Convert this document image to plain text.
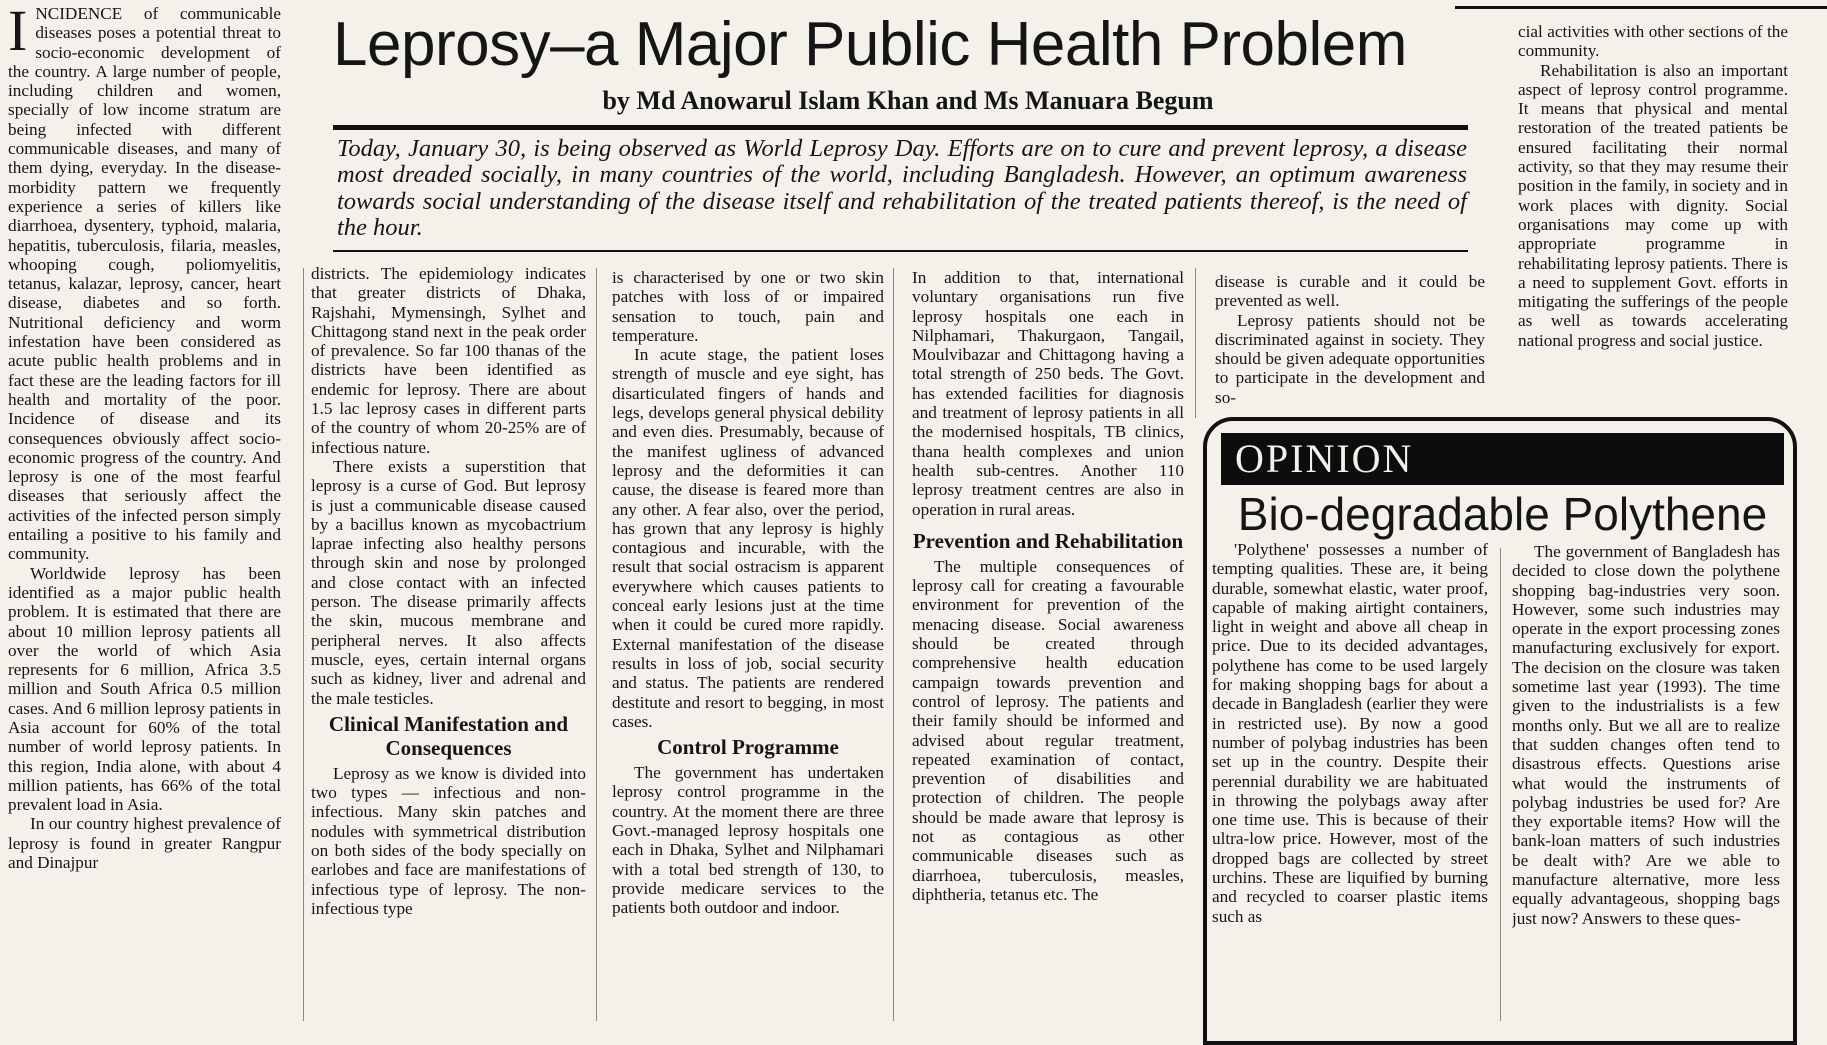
Leprosy–a Major Public Health Problem
by Md Anowarul Islam Khan and Ms Manuara Begum
Today, January 30, is being observed as World Leprosy Day. Efforts are on to cure and prevent leprosy, a disease most dreaded socially, in many countries of the world, including Bangladesh. However, an optimum awareness towards social understanding of the disease itself and rehabilitation of the treated patients thereof, is the need of the hour.

INCIDENCE of communicable diseases poses a potential threat to socio-economic development of the country. A large number of people, including children and women, specially of low income stratum are being infected with different communicable diseases, and many of them dying, everyday. In the disease-morbidity pattern we frequently experience a series of killers like diarrhoea, dysentery, typhoid, malaria, hepatitis, tuberculosis, filaria, measles, whooping cough, poliomyelitis, tetanus, kalazar, leprosy, cancer, heart disease, diabetes and so forth. Nutritional deficiency and worm infestation have been considered as acute public health problems and in fact these are the leading factors for ill health and mortality of the poor. Incidence of disease and its consequences obviously affect socio-economic progress of the country. And leprosy is one of the most fearful diseases that seriously affect the activities of the infected person simply entailing a positive to his family and community.

Worldwide leprosy has been identified as a major public health problem. It is estimated that there are about 10 million leprosy patients all over the world of which Asia represents for 6 million, Africa 3.5 million and South Africa 0.5 million cases. And 6 million leprosy patients in Asia account for 60% of the total number of world leprosy patients. In this region, India alone, with about 4 million patients, has 66% of the total prevalent load in Asia.

In our country highest prevalence of leprosy is found in greater Rangpur and Dinajpur

districts. The epidemiology indicates that greater districts of Dhaka, Rajshahi, Mymensingh, Sylhet and Chittagong stand next in the peak order of prevalence. So far 100 thanas of the districts have been identified as endemic for leprosy. There are about 1.5 lac leprosy cases in different parts of the country of whom 20-25% are of infectious nature.

There exists a superstition that leprosy is a curse of God. But leprosy is just a communicable disease caused by a bacillus known as mycobactrium laprae infecting also healthy persons through skin and nose by prolonged and close contact with an infected person. The disease primarily affects the skin, mucous membrane and peripheral nerves. It also affects muscle, eyes, certain internal organs such as kidney, liver and adrenal and the male testicles.

Clinical Manifestation and Consequences

Leprosy as we know is divided into two types — infectious and non-infectious. Many skin patches and nodules with symmetrical distribution on both sides of the body specially on earlobes and face are manifestations of infectious type of leprosy. The non-infectious type

is characterised by one or two skin patches with loss of or impaired sensation to touch, pain and temperature.

In acute stage, the patient loses strength of muscle and eye sight, has disarticulated fingers of hands and legs, develops general physical debility and even dies. Presumably, because of the manifest ugliness of advanced leprosy and the deformities it can cause, the disease is feared more than any other. A fear also, over the period, has grown that any leprosy is highly contagious and incurable, with the result that social ostracism is apparent everywhere which causes patients to conceal early lesions just at the time when it could be cured more rapidly. External manifestation of the disease results in loss of job, social security and status. The patients are rendered destitute and resort to begging, in most cases.

Control Programme

The government has undertaken leprosy control programme in the country. At the moment there are three Govt.-managed leprosy hospitals one each in Dhaka, Sylhet and Nilphamari with a total bed strength of 130, to provide medicare services to the patients both outdoor and indoor.

In addition to that, international voluntary organisations run five leprosy hospitals one each in Nilphamari, Thakurgaon, Tangail, Moulvibazar and Chittagong having a total strength of 250 beds. The Govt. has extended facilities for diagnosis and treatment of leprosy patients in all the modernised hospitals, TB clinics, thana health complexes and union health sub-centres. Another 110 leprosy treatment centres are also in operation in rural areas.

Prevention and Rehabilitation

The multiple consequences of leprosy call for creating a favourable environment for prevention of the menacing disease. Social awareness should be created through comprehensive health education campaign towards prevention and control of leprosy. The patients and their family should be informed and advised about regular treatment, repeated examination of contact, prevention of disabilities and protection of children. The people should be made aware that leprosy is not as contagious as other communicable diseases such as diarrhoea, tuberculosis, measles, diphtheria, tetanus etc. The

disease is curable and it could be prevented as well.

Leprosy patients should not be discriminated against in society. They should be given adequate opportunities to participate in the development and so-

cial activities with other sections of the community.

Rehabilitation is also an important aspect of leprosy control programme. It means that physical and mental restoration of the treated patients be ensured facilitating their normal activity, so that they may resume their position in the family, in society and in work places with dignity. Social organisations may come up with appropriate programme in rehabilitating leprosy patients. There is a need to supplement Govt. efforts in mitigating the sufferings of the people as well as towards accelerating national progress and social justice.

OPINION
Bio-degradable Polythene

'Polythene' possesses a number of tempting qualities. These are, it being durable, somewhat elastic, water proof, capable of making airtight containers, light in weight and above all cheap in price. Due to its decided advantages, polythene has come to be used largely for making shopping bags for about a decade in Bangladesh (earlier they were in restricted use). By now a good number of polybag industries has been set up in the country. Despite their perennial durability we are habituated in throwing the polybags away after one time use. This is because of their ultra-low price. However, most of the dropped bags are collected by street urchins. These are liquified by burning and recycled to coarser plastic items such as

The government of Bangladesh has decided to close down the polythene shopping bag-industries very soon. However, some such industries may operate in the export processing zones manufacturing exclusively for export. The decision on the closure was taken sometime last year (1993). The time given to the industrialists is a few months only. But we all are to realize that sudden changes often tend to disastrous effects. Questions arise what would the instruments of polybag industries be used for? Are they exportable items? How will the bank-loan matters of such industries be dealt with? Are we able to manufacture alternative, more less equally advantageous, shopping bags just now? Answers to these ques-
